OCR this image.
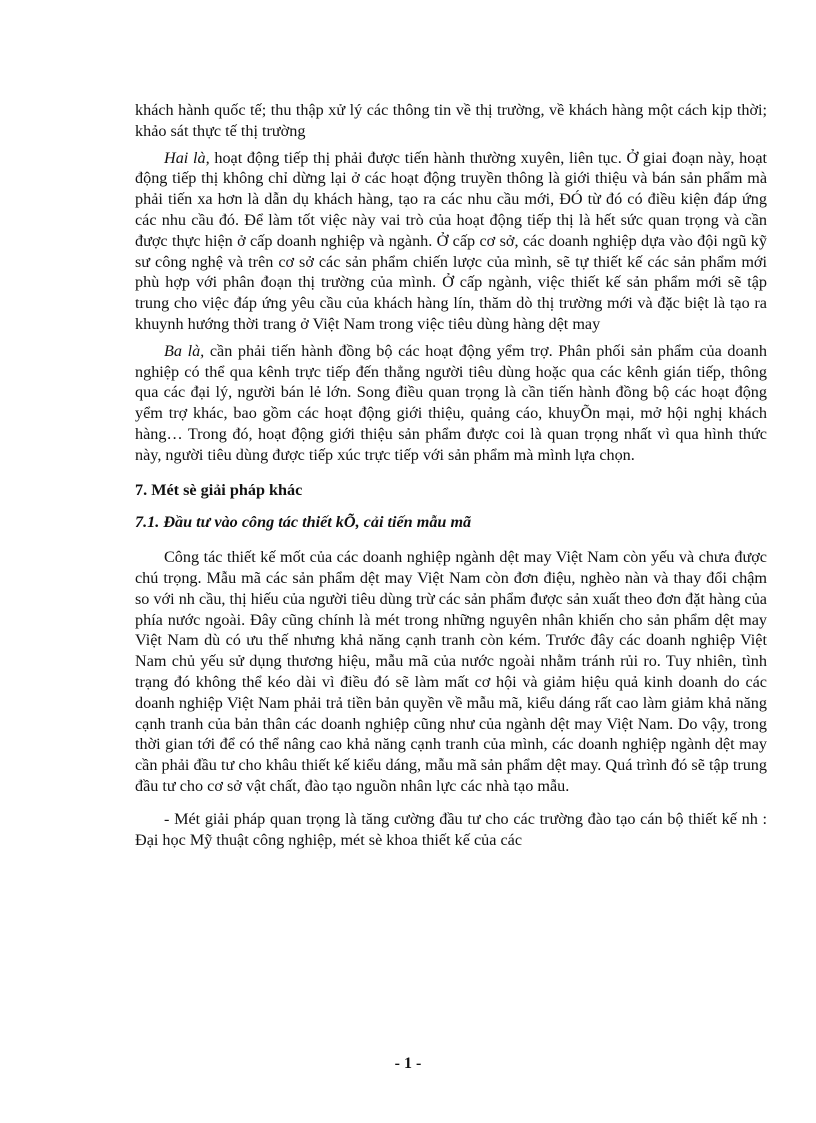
khách hành quốc tế; thu thập xử lý các thông tin về thị trường, về khách hàng một cách kịp thời; khảo sát thực tế thị trường

Hai là, hoạt động tiếp thị phải được tiến hành thường xuyên, liên tục. Ở giai đoạn này, hoạt động tiếp thị không chỉ dừng lại ở các hoạt động truyền thông là giới thiệu và bán sản phẩm mà phải tiến xa hơn là dẫn dụ khách hàng, tạo ra các nhu cầu mới, ĐÓ từ đó có điều kiện đáp ứng các nhu cầu đó. Để làm tốt việc này vai trò của hoạt động tiếp thị là hết sức quan trọng và cần được thực hiện ở cấp doanh nghiệp và ngành. Ở cấp cơ sở, các doanh nghiệp dựa vào đội ngũ kỹ sư công nghệ và trên cơ sở các sản phẩm chiến lược của mình, sẽ tự thiết kế các sản phẩm mới phù hợp với phân đoạn thị trường của mình. Ở cấp ngành, việc thiết kế sản phẩm mới sẽ tập trung cho việc đáp ứng yêu cầu của khách hàng lín, thăm dò thị trường mới và đặc biệt là tạo ra khuynh hướng thời trang ở Việt Nam trong việc tiêu dùng hàng dệt may

Ba là, cần phải tiến hành đồng bộ các hoạt động yểm trợ. Phân phối sản phẩm của doanh nghiệp có thể qua kênh trực tiếp đến thẳng người tiêu dùng hoặc qua các kênh gián tiếp, thông qua các đại lý, người bán lẻ lớn. Song điều quan trọng là cần tiến hành đồng bộ các hoạt động yểm trợ khác, bao gồm các hoạt động giới thiệu, quảng cáo, khuyÕn mại, mở hội nghị khách hàng… Trong đó, hoạt động giới thiệu sản phẩm được coi là quan trọng nhất vì qua hình thức này, người tiêu dùng được tiếp xúc trực tiếp với sản phẩm mà mình lựa chọn.

7. Mét sè giải pháp khác
7.1. Đầu tư vào công tác thiết kÕ, cải tiến mẫu mã

Công tác thiết kế mốt của các doanh nghiệp ngành dệt may Việt Nam còn yếu và chưa được chú trọng. Mẫu mã các sản phẩm dệt may Việt Nam còn đơn điệu, nghèo nàn và thay đổi chậm so với nh cầu, thị hiếu của người tiêu dùng trừ các sản phẩm được sản xuất theo đơn đặt hàng của phía nước ngoài. Đây cũng chính là mét trong những nguyên nhân khiến cho sản phẩm dệt may Việt Nam dù có ưu thế nhưng khả năng cạnh tranh còn kém. Trước đây các doanh nghiệp Việt Nam chủ yếu sử dụng thương hiệu, mẫu mã của nước ngoài nhằm tránh rủi ro. Tuy nhiên, tình trạng đó không thể kéo dài vì điều đó sẽ làm mất cơ hội và giảm hiệu quả kinh doanh do các doanh nghiệp Việt Nam phải trả tiền bản quyền về mẫu mã, kiểu dáng rất cao làm giảm khả năng cạnh tranh của bản thân các doanh nghiệp cũng như của ngành dệt may Việt Nam. Do vậy, trong thời gian tới để có thể nâng cao khả năng cạnh tranh của mình, các doanh nghiệp ngành dệt may cần phải đầu tư cho khâu thiết kế kiểu dáng, mẫu mã sản phẩm dệt may. Quá trình đó sẽ tập trung đầu tư cho cơ sở vật chất, đào tạo nguồn nhân lực các nhà tạo mẫu.

- Mét giải pháp quan trọng là tăng cường đầu tư cho các trường đào tạo cán bộ thiết kế nh : Đại học Mỹ thuật công nghiệp, mét sè khoa thiết kế của các

- 1 -
